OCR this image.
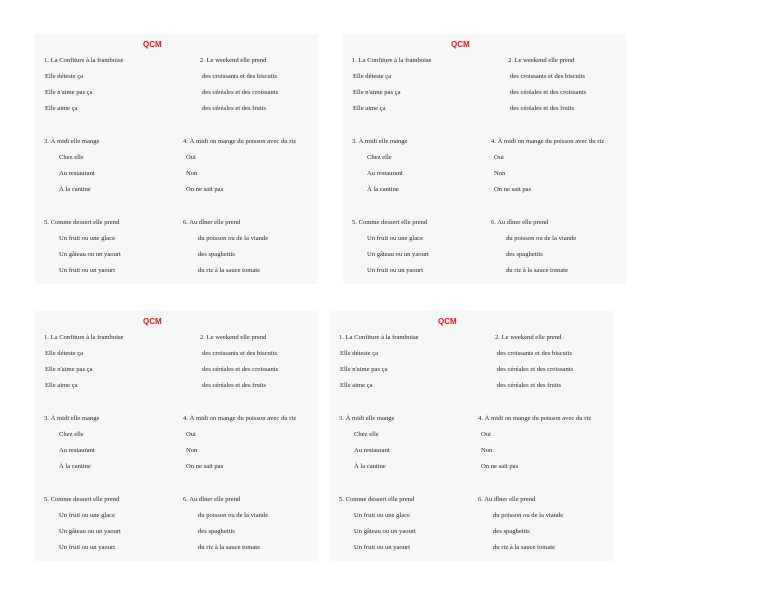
QCM
1. La Confiture à la framboise
Elle déteste ça
Elle n'aime pas ça
Elle aime ça
2. Le weekend elle prend
des croissants et des biscuits
des céréales et des croissants
des céréales et des fruits
3. À midi elle mange
Chez elle
Au restaurant
À la cantine
4. À midi on mange du poisson avec du riz
Oui
Non
On ne sait pas
5. Comme dessert elle prend
Un fruit ou une glace
Un gâteau ou un yaourt
Un fruit ou un yaourt
6. Au dîner elle prend
du poisson ou de la viande
des spaghettis
du riz à la sauce tomate
QCM
1. La Confiture à la framboise
Elle déteste ça
Elle n'aime pas ça
Elle aime ça
2. Le weekend elle prend
des croissants et des biscuits
des céréales et des croissants
des céréales et des fruits
3. À midi elle mange
Chez elle
Au restaurant
À la cantine
4. À midi on mange du poisson avec du riz
Oui
Non
On ne sait pas
5. Comme dessert elle prend
Un fruit ou une glace
Un gâteau ou un yaourt
Un fruit ou un yaourt
6. Au dîner elle prend
du poisson ou de la viande
des spaghettis
du riz à la sauce tomate
QCM
1. La Confiture à la framboise
Elle déteste ça
Elle n'aime pas ça
Elle aime ça
2. Le weekend elle prend
des croissants et des biscuits
des céréales et des croissants
des céréales et des fruits
3. À midi elle mange
Chez elle
Au restaurant
À la cantine
4. À midi on mange du poisson avec du riz
Oui
Non
On ne sait pas
5. Comme dessert elle prend
Un fruit ou une glace
Un gâteau ou un yaourt
Un fruit ou un yaourt
6. Au dîner elle prend
du poisson ou de la viande
des spaghettis
du riz à la sauce tomate
QCM
1. La Confiture à la framboise
Elle déteste ça
Elle n'aime pas ça
Elle aime ça
2. Le weekend elle prend
des croissants et des biscuits
des céréales et des croissants
des céréales et des fruits
3. À midi elle mange
Chez elle
Au restaurant
À la cantine
4. À midi on mange du poisson avec du riz
Oui
Non
On ne sait pas
5. Comme dessert elle prend
Un fruit ou une glace
Un gâteau ou un yaourt
Un fruit ou un yaourt
6. Au dîner elle prend
du poisson ou de la viande
des spaghettis
du riz à la sauce tomate
